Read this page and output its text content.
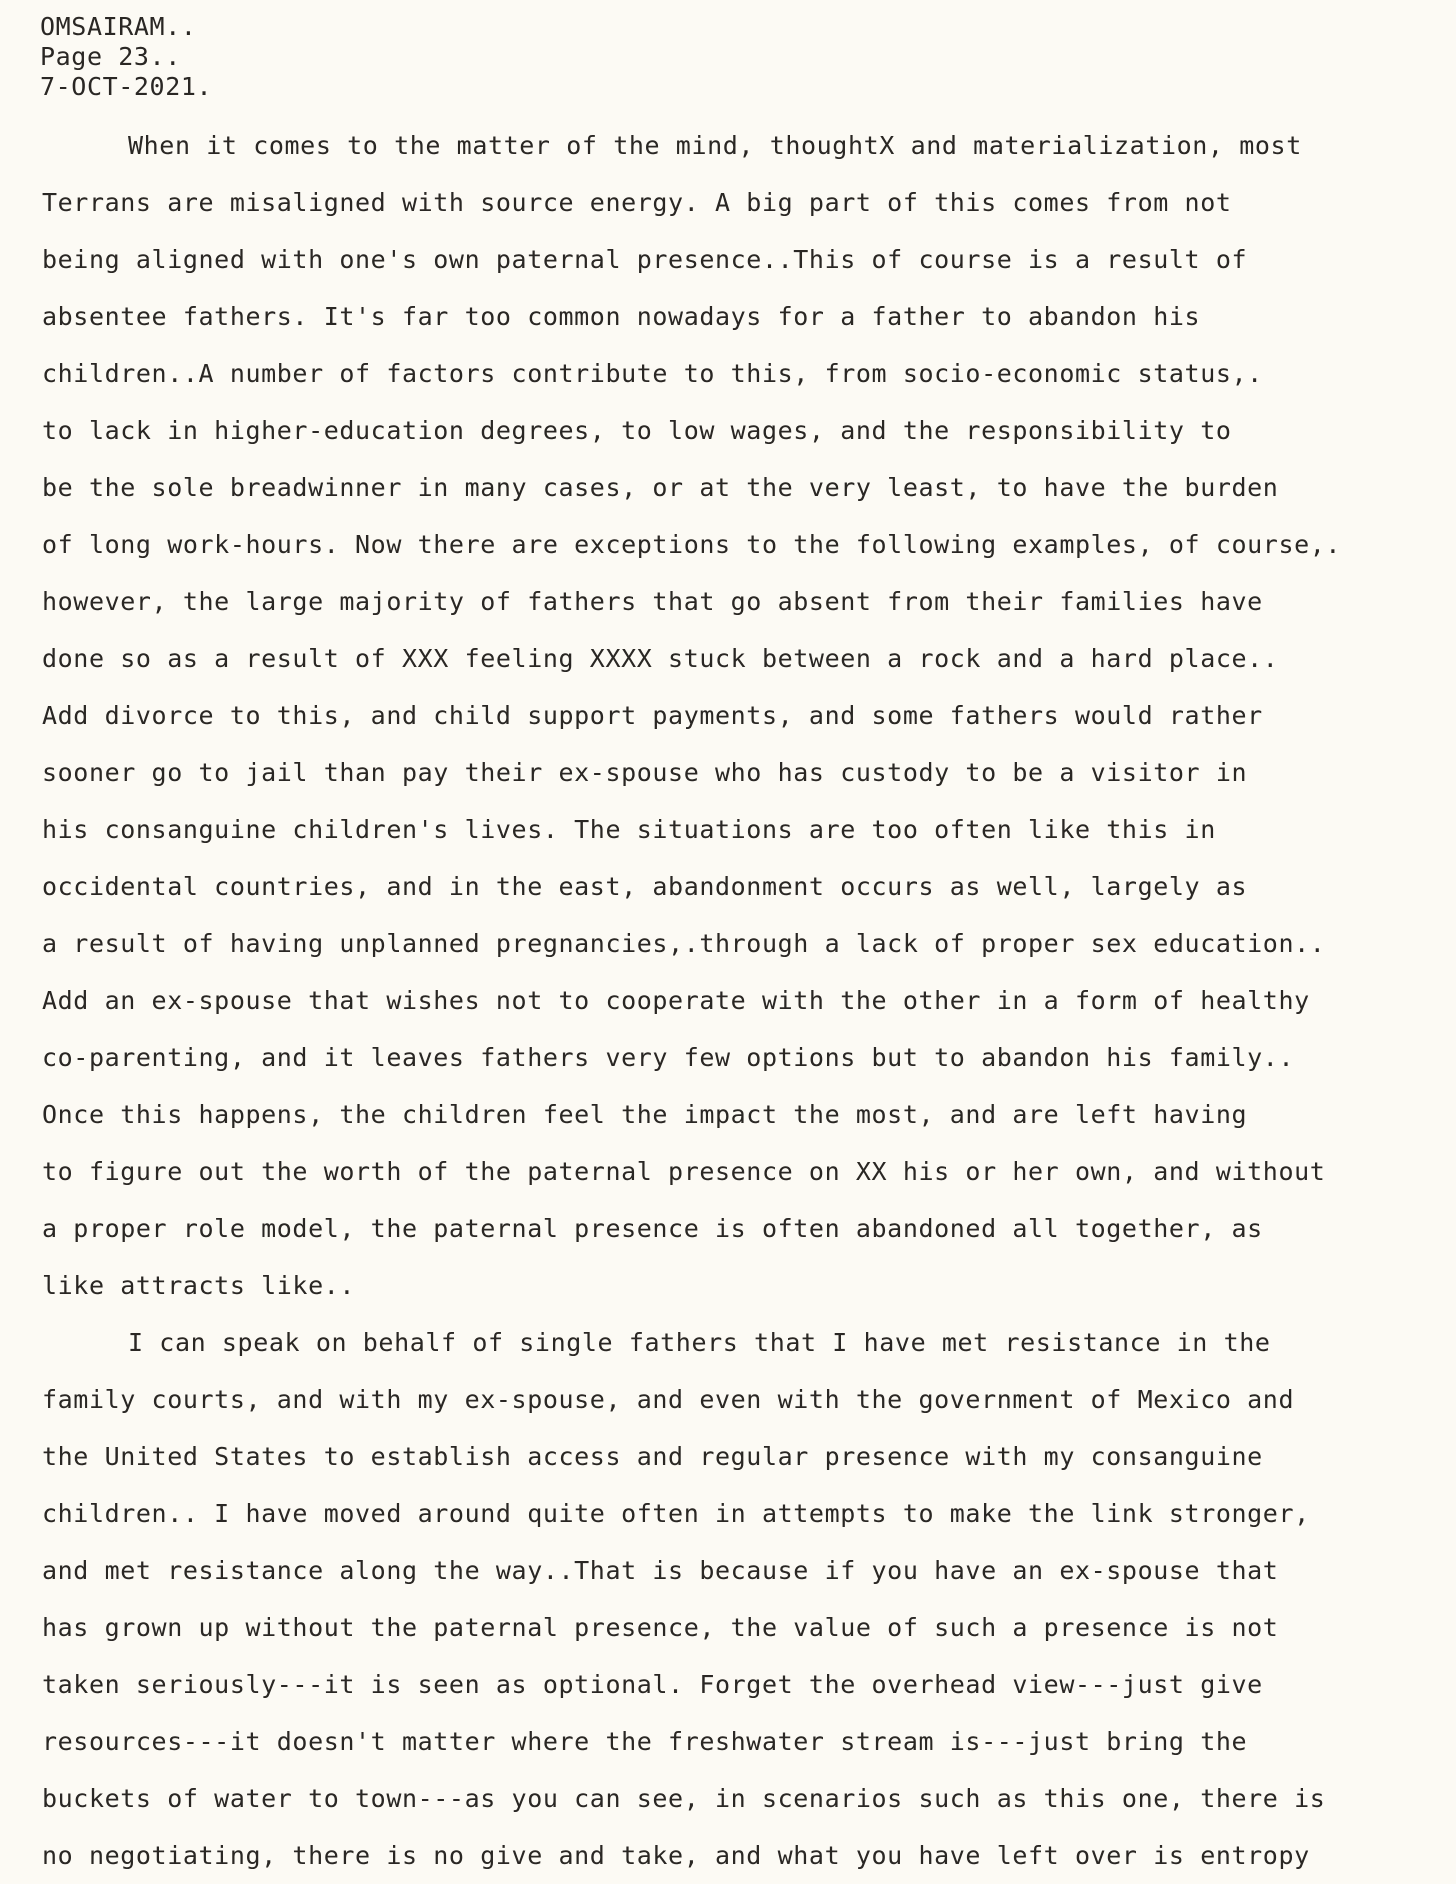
OMSAIRAM..
Page 23..
7-OCT-2021.
When it comes to the matter of the mind, thoughtX and materialization, most
Terrans are misaligned with source energy. A big part of this comes from not
being aligned with one's own paternal presence..This of course is a result of
absentee fathers. It's far too common nowadays for a father to abandon his
children..A number of factors contribute to this, from socio-economic status,.
to lack in higher-education degrees, to low wages, and the responsibility to
be the sole breadwinner in many cases, or at the very least, to have the burden
of long work-hours. Now there are exceptions to the following examples, of course,.
however, the large majority of fathers that go absent from their families have
done so as a result of XXX feeling XXXX stuck between a rock and a hard place..
Add divorce to this, and child support payments, and some fathers would rather
sooner go to jail than pay their ex-spouse who has custody to be a visitor in
his consanguine children's lives. The situations are too often like this in
occidental countries, and in the east, abandonment occurs as well, largely as
a result of having unplanned pregnancies,.through a lack of proper sex education..
Add an ex-spouse that wishes not to cooperate with the other in a form of healthy
co-parenting, and it leaves fathers very few options but to abandon his family..
Once this happens, the children feel the impact the most, and are left having
to figure out the worth of the paternal presence on XX his or her own, and without
a proper role model, the paternal presence is often abandoned all together, as
like attracts like..
I can speak on behalf of single fathers that I have met resistance in the
family courts, and with my ex-spouse, and even with the government of Mexico and
the United States to establish access and regular presence with my consanguine
children.. I have moved around quite often in attempts to make the link stronger,
and met resistance along the way..That is because if you have an ex-spouse that
has grown up without the paternal presence, the value of such a presence is not
taken seriously---it is seen as optional. Forget the overhead view---just give
resources---it doesn't matter where the freshwater stream is---just bring the
buckets of water to town---as you can see, in scenarios such as this one, there is
no negotiating, there is no give and take, and what you have left over is entropy
